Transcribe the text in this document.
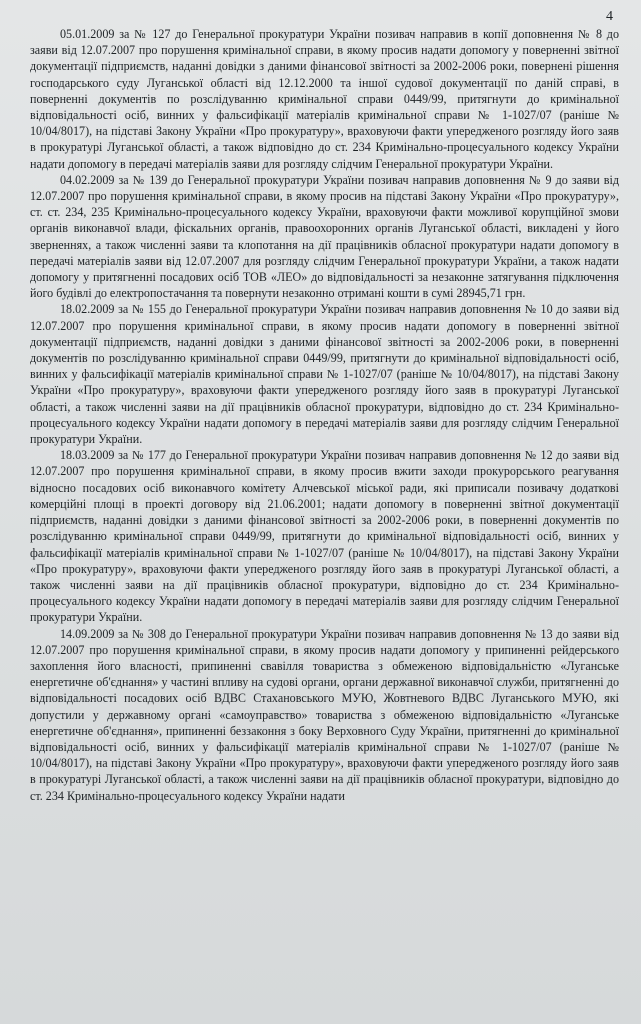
4

05.01.2009 за № 127 до Генеральної прокуратури України позивач направив в копії доповнення № 8 до заяви від 12.07.2007 про порушення кримінальної справи, в якому просив надати допомогу у поверненні звітної документації підприємств, наданні довідки з даними фінансової звітності за 2002-2006 роки, повернені рішення господарського суду Луганської області від 12.12.2000 та іншої судової документації по даній справі, в поверненні документів по розслідуванню кримінальної справи 0449/99, притягнути до кримінальної відповідальності осіб, винних у фальсифікації матеріалів кримінальної справи № 1-1027/07 (раніше № 10/04/8017), на підставі Закону України «Про прокуратуру», враховуючи факти упередженого розгляду його заяв в прокуратурі Луганської області, а також відповідно до ст. 234 Кримінально-процесуального кодексу України надати допомогу в передачі матеріалів заяви для розгляду слідчим Генеральної прокуратури України.

04.02.2009 за № 139 до Генеральної прокуратури України позивач направив доповнення № 9 до заяви від 12.07.2007 про порушення кримінальної справи, в якому просив на підставі Закону України «Про прокуратуру», ст. ст. 234, 235 Кримінально-процесуального кодексу України, враховуючи факти можливої корупційної змови органів виконавчої влади, фіскальних органів, правоохоронних органів Луганської області, викладені у його зверненнях, а також численні заяви та клопотання на дії працівників обласної прокуратури надати допомогу в передачі матеріалів заяви від 12.07.2007 для розгляду слідчим Генеральної прокуратури України, а також надати допомогу у притягненні посадових осіб ТОВ «ЛЕО» до відповідальності за незаконне затягування підключення його будівлі до електропостачання та повернути незаконно отримані кошти в сумі 28945,71 грн.

18.02.2009 за № 155 до Генеральної прокуратури України позивач направив доповнення № 10 до заяви від 12.07.2007 про порушення кримінальної справи, в якому просив надати допомогу в поверненні звітної документації підприємств, наданні довідки з даними фінансової звітності за 2002-2006 роки, в поверненні документів по розслідуванню кримінальної справи 0449/99, притягнути до кримінальної відповідальності осіб, винних у фальсифікації матеріалів кримінальної справи № 1-1027/07 (раніше № 10/04/8017), на підставі Закону України «Про прокуратуру», враховуючи факти упередженого розгляду його заяв в прокуратурі Луганської області, а також численні заяви на дії працівників обласної прокуратури, відповідно до ст. 234 Кримінально-процесуального кодексу України надати допомогу в передачі матеріалів заяви для розгляду слідчим Генеральної прокуратури України.

18.03.2009 за № 177 до Генеральної прокуратури України позивач направив доповнення № 12 до заяви від 12.07.2007 про порушення кримінальної справи, в якому просив вжити заходи прокурорського реагування відносно посадових осіб виконавчого комітету Алчевської міської ради, які приписали позивачу додаткові комерційні площі в проекті договору від 21.06.2001; надати допомогу в поверненні звітної документації підприємств, наданні довідки з даними фінансової звітності за 2002-2006 роки, в поверненні документів по розслідуванню кримінальної справи 0449/99, притягнути до кримінальної відповідальності осіб, винних у фальсифікації матеріалів кримінальної справи № 1-1027/07 (раніше № 10/04/8017), на підставі Закону України «Про прокуратуру», враховуючи факти упередженого розгляду його заяв в прокуратурі Луганської області, а також численні заяви на дії працівників обласної прокуратури, відповідно до ст. 234 Кримінально-процесуального кодексу України надати допомогу в передачі матеріалів заяви для розгляду слідчим Генеральної прокуратури України.

14.09.2009 за № 308 до Генеральної прокуратури України позивач направив доповнення № 13 до заяви від 12.07.2007 про порушення кримінальної справи, в якому просив надати допомогу у припиненні рейдерського захоплення його власності, припиненні свавілля товариства з обмеженою відповідальністю «Луганське енергетичне об'єднання» у частині впливу на судові органи, органи державної виконавчої служби, притягненні до відповідальності посадових осіб ВДВС Стахановського МУЮ, Жовтневого ВДВС Луганського МУЮ, які допустили у державному органі «самоуправство» товариства з обмеженою відповідальністю «Луганське енергетичне об'єднання», припиненні беззаконня з боку Верховного Суду України, притягненні до кримінальної відповідальності осіб, винних у фальсифікації матеріалів кримінальної справи № 1-1027/07 (раніше № 10/04/8017), на підставі Закону України «Про прокуратуру», враховуючи факти упередженого розгляду його заяв в прокуратурі Луганської області, а також численні заяви на дії працівників обласної прокуратури, відповідно до ст. 234 Кримінально-процесуального кодексу України надати
